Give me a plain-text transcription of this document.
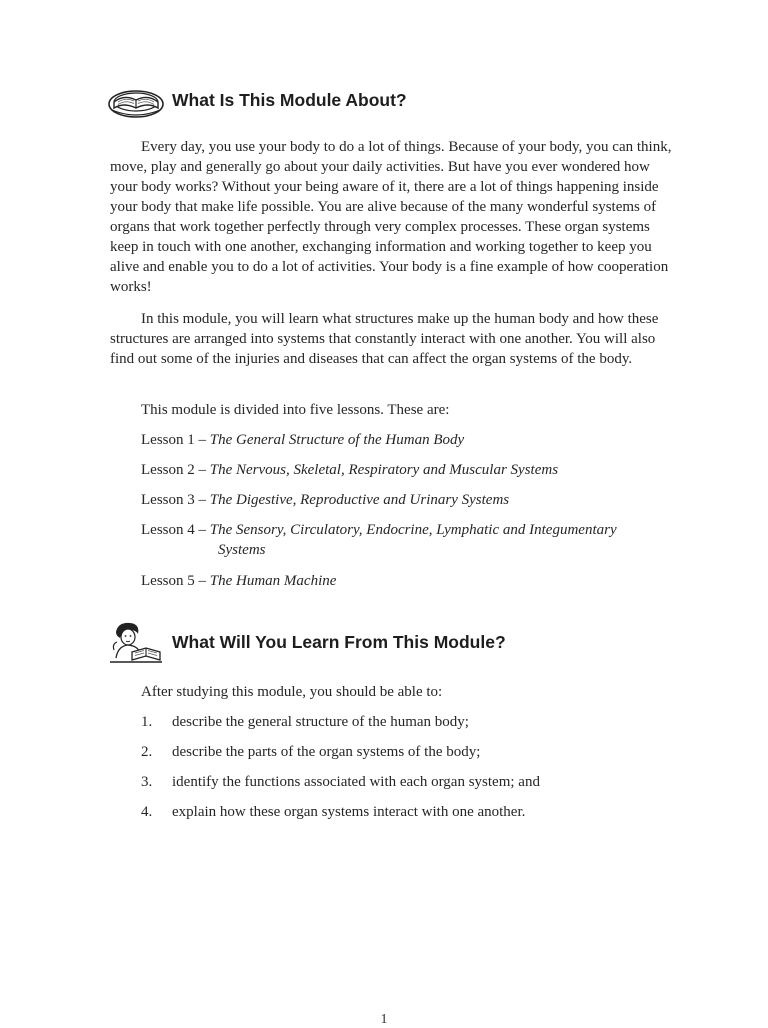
What Is This Module About?

Every day, you use your body to do a lot of things. Because of your body, you can think, move, play and generally go about your daily activities. But have you ever wondered how your body works? Without your being aware of it, there are a lot of things happening inside your body that make life possible. You are alive because of the many wonderful systems of organs that work together perfectly through very complex processes. These organ systems keep in touch with one another, exchanging information and working together to keep you alive and enable you to do a lot of activities. Your body is a fine example of how cooperation works!

In this module, you will learn what structures make up the human body and how these structures are arranged into systems that constantly interact with one another. You will also find out some of the injuries and diseases that can affect the organ systems of the body.

This module is divided into five lessons. These are:
Lesson 1 – The General Structure of the Human Body
Lesson 2 – The Nervous, Skeletal, Respiratory and Muscular Systems
Lesson 3 – The Digestive, Reproductive and Urinary Systems
Lesson 4 – The Sensory, Circulatory, Endocrine, Lymphatic and Integumentary
Systems
Lesson 5 – The Human Machine
What Will You Learn From This Module?
After studying this module, you should be able to:
1. describe the general structure of the human body;
2. describe the parts of the organ systems of the body;
3. identify the functions associated with each organ system; and
4. explain how these organ systems interact with one another.
1
